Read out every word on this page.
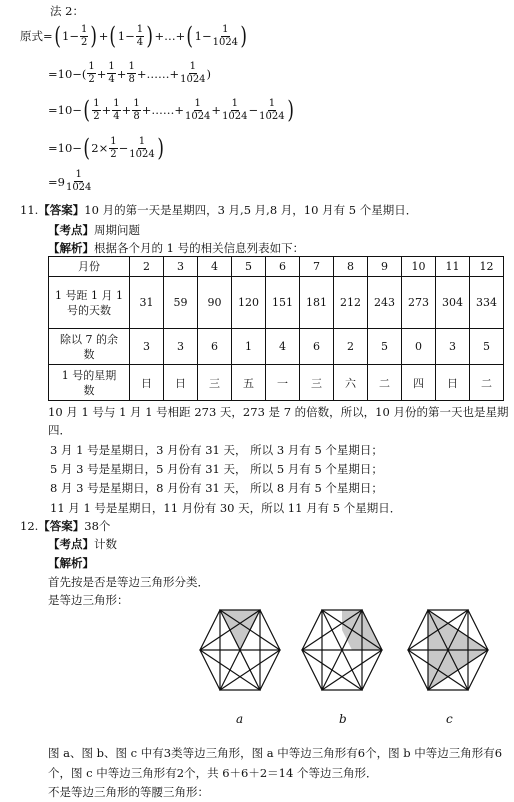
法 2：
原式 = ( $1 - \frac{1}{2}$ ) + ( $1 - \frac{1}{4}$ ) +…+ ( $1 - \frac{1}{1024}$ )
=10− ( $\frac{1}{2} + \frac{1}{4} + \frac{1}{8}$ +……+ $\frac{1}{1024}$ )
=10− ( $\frac{1}{2} + \frac{1}{4} + \frac{1}{8}$ +……+ $\frac{1}{1024} + \frac{1}{1024} - \frac{1}{1024}$ )
=10− ( $2\times \frac{1}{2} - \frac{1}{1024}$ )
$=9 \frac{1}{1024}$
11.【答案】10 月的第一天是星期四，3 月,5 月,8 月，10 月有 5 个星期日．
【考点】周期问题
【解析】根据各个月的 1 号的相关信息列表如下：
月份	2	3	4	5	6	7	8	9	10	11	12
1 号距 1 月 1 号的天数	31	59	90	120	151	181	212	243	273	304	334
除以 7 的余数	3	3	6	1	4	6	2	5	0	3	5
1 号的星期数	日	日	三	五	一	三	六	二	四	日	二
10 月 1 号与 1 月 1 号相距 273 天，273 是 7 的倍数，所以，10 月份的第一天也是星期
四．
3 月 1 号是星期日，3 月份有 31 天， 所以 3 月有 5 个星期日；
5 月 3 号是星期日，5 月份有 31 天， 所以 5 月有 5 个星期日；
8 月 3 号是星期日，8 月份有 31 天， 所以 8 月有 5 个星期日；
11 月 1 号是星期日，11 月份有 30 天，所以 11 月有 5 个星期日．
12.【答案】38个
【考点】计数
【解析】
首先按是否是等边三角形分类．
是等边三角形：
a	b	c
图 a、图 b、图 c 中有3类等边三角形，图 a 中等边三角形有6个，图 b 中等边三角形有6
个，图 c 中等边三角形有2个，共 6＋6＋2＝14 个等边三角形．
不是等边三角形的等腰三角形：
